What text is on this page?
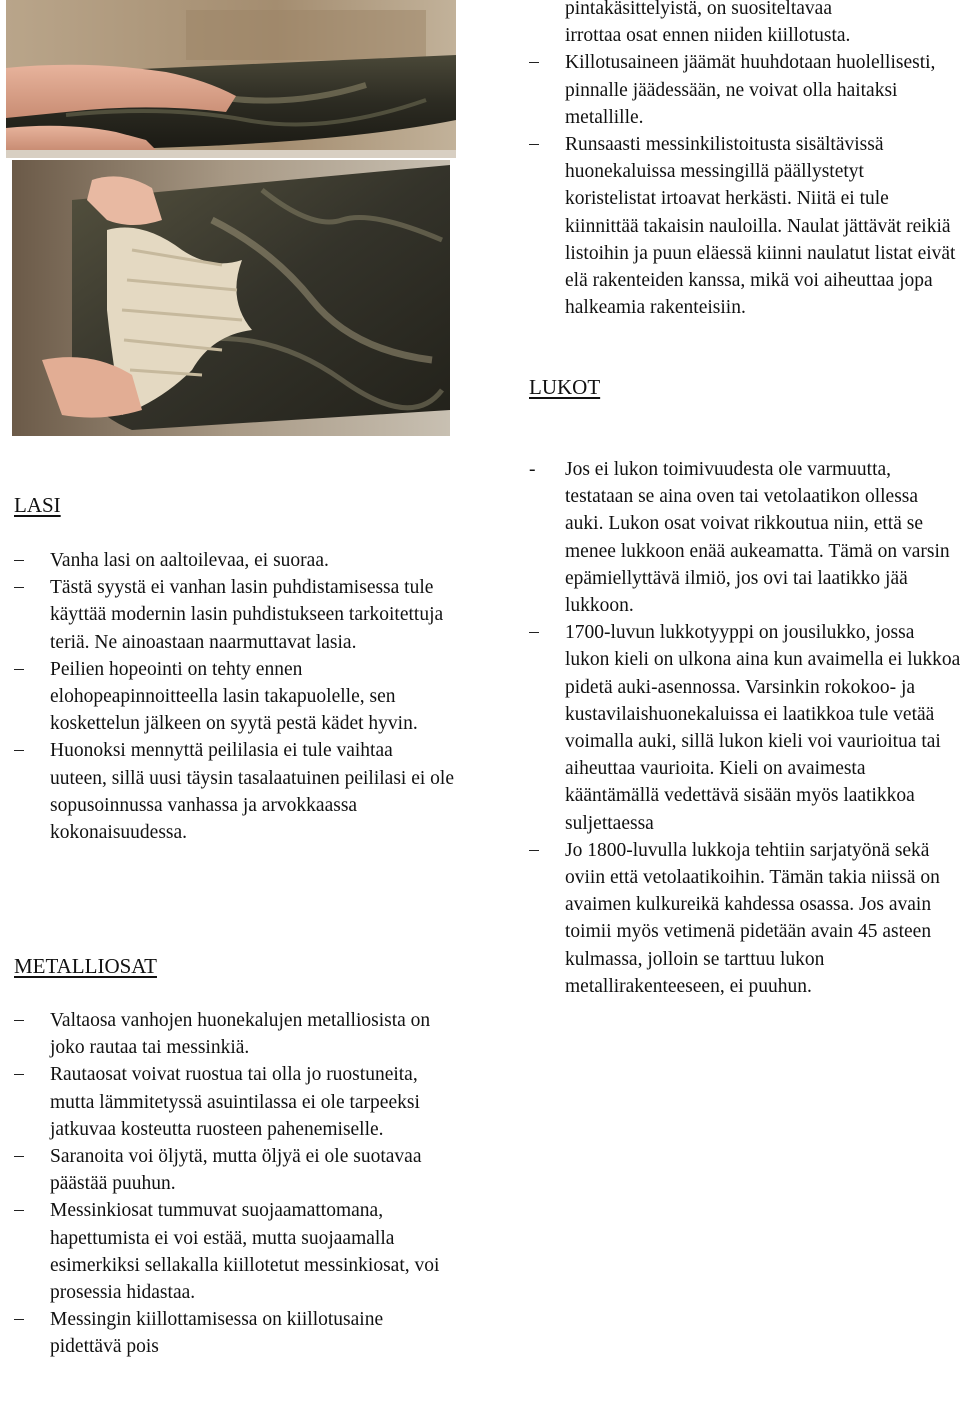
pintakäsittelyistä, on suositeltavaa

irrottaa osat ennen niiden kiillotusta.

Killotusaineen jäämät huuhdotaan huolellisesti, pinnalle jäädessään, ne voivat olla haitaksi metallille.
Runsaasti messinkilistoitusta sisältävissä huonekaluissa messingillä päällystetyt koristelistat irtoavat herkästi. Niitä ei tule kiinnittää takaisin nauloilla. Naulat jättävät reikiä listoihin ja puun eläessä kiinni naulatut listat eivät elä rakenteiden kanssa, mikä voi aiheuttaa jopa halkeamia rakenteisiin.
LUKOT
- Jos ei lukon toimivuudesta ole varmuutta, testataan se aina oven tai vetolaatikon ollessa auki. Lukon osat voivat rikkoutua niin, että se menee lukkoon enää aukeamatta. Tämä on varsin epämiellyttävä ilmiö, jos ovi tai laatikko jää lukkoon.
1700-luvun lukkotyyppi on jousilukko, jossa lukon kieli on ulkona aina kun avaimella ei lukkoa pidetä auki-asennossa. Varsinkin rokokoo- ja kustavilaishuonekaluissa ei laatikkoa tule vetää voimalla auki, sillä lukon kieli voi vaurioitua tai aiheuttaa vaurioita. Kieli on avaimesta kääntämällä vedettävä sisään myös laatikkoa suljettaessa
Jo 1800-luvulla lukkoja tehtiin sarjatyönä sekä oviin että vetolaatikoihin. Tämän takia niissä on avaimen kulkureikä kahdessa osassa. Jos avain toimii myös vetimenä pidetään avain 45 asteen kulmassa, jolloin se tarttuu lukon metallirakenteeseen, ei puuhun.
LASI
Vanha lasi on aaltoilevaa, ei suoraa.
Tästä syystä ei vanhan lasin puhdistamisessa tule käyttää modernin lasin puhdistukseen tarkoitettuja teriä. Ne ainoastaan naarmuttavat lasia.
Peilien hopeointi on tehty ennen elohopeapinnoitteella lasin takapuolelle, sen koskettelun jälkeen on syytä pestä kädet hyvin.
Huonoksi mennyttä peililasia ei tule vaihtaa uuteen, sillä uusi täysin tasalaatuinen peililasi ei ole sopusoinnussa vanhassa ja arvokkaassa kokonaisuudessa.
METALLIOSAT
Valtaosa vanhojen huonekalujen metalliosista on joko rautaa tai messinkiä.
Rautaosat voivat ruostua tai olla jo ruostuneita, mutta lämmitetyssä asuintilassa ei ole tarpeeksi jatkuvaa kosteutta ruosteen pahenemiselle.
Saranoita voi öljytä, mutta öljyä ei ole suotavaa päästää puuhun.
Messinkiosat tummuvat suojaamattomana, hapettumista ei voi estää, mutta suojaamalla esimerkiksi sellakalla kiillotetut messinkiosat, voi prosessia hidastaa.
Messingin kiillottamisessa on kiillotusaine pidettävä pois
